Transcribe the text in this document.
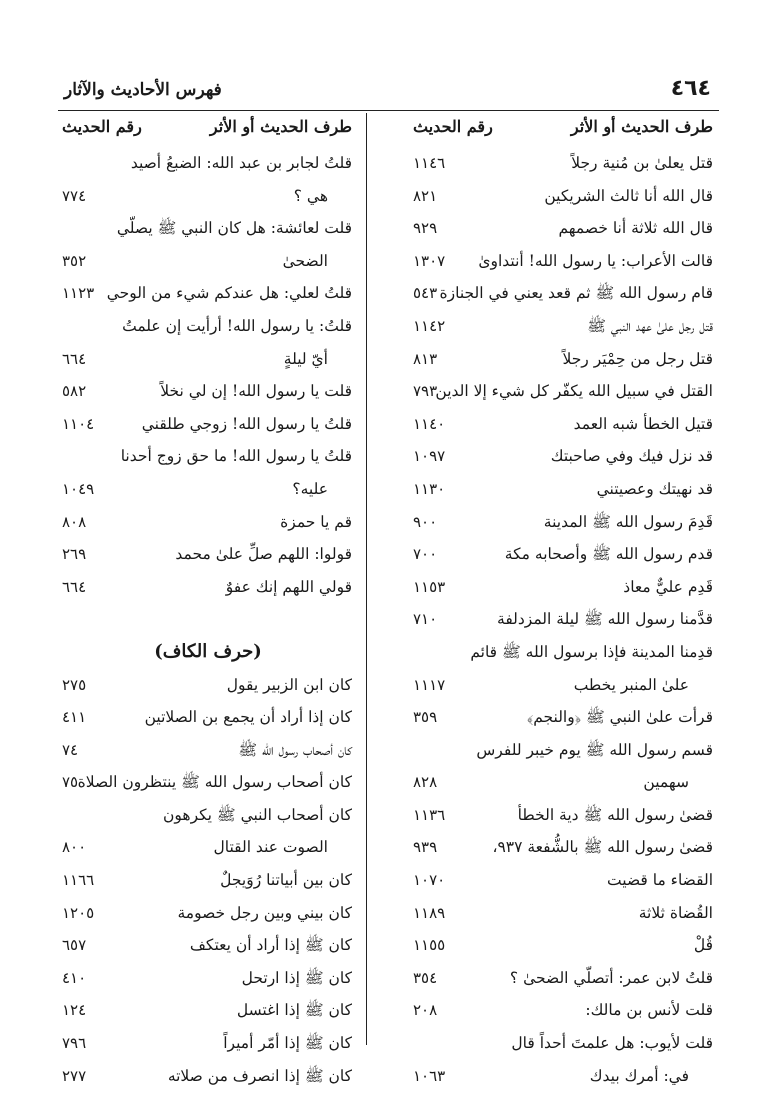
٤٦٤
فهرس الأحاديث والآثار
طرف الحديث أو الأثر
رقم الحديث
طرف الحديث أو الأثر
رقم الحديث
قتل يعلىٰ بن مُنية رجلاً
١١٤٦
قال الله أنا ثالث الشريكين
٨٢١
قال الله ثلاثة أنا خصمهم
٩٢٩
قالت الأعراب: يا رسول الله! أنتداوىٰ
١٣٠٧
قام رسول الله ﷺ ثم قعد يعني في الجنازة
٥٤٣
قتل رجل علىٰ عهد النبي ﷺ
١١٤٢
قتل رجل من حِمْيَر رجلاً
٨١٣
القتل في سبيل الله يكفّر كل شيء إلا الدين
٧٩٣
قتيل الخطأ شبه العمد
١١٤٠
قد نزل فيك وفي صاحبتك
١٠٩٧
قد نهيتك وعصيتني
١١٣٠
قَدِمَ رسول الله ﷺ المدينة
٩٠٠
قدم رسول الله ﷺ وأصحابه مكة
٧٠٠
قَدِم عليٌّ معاذ
١١٥٣
قدَّمنا رسول الله ﷺ ليلة المزدلفة
٧١٠
قدِمنا المدينة فإذا برسول الله ﷺ قائم
علىٰ المنبر يخطب
١١١٧
قرأت علىٰ النبي ﷺ ﴿والنجم﴾
٣٥٩
قسم رسول الله ﷺ يوم خيبر للفرس
سهمين
٨٢٨
قضىٰ رسول الله ﷺ دية الخطأ
١١٣٦
قضىٰ رسول الله ﷺ بالشُّفعة ٩٣٧،
٩٣٩
القضاء ما قضيت
١٠٧٠
القُضاة ثلاثة
١١٨٩
قُلْ
١١٥٥
قلتُ لابن عمر: أتصلّي الضحىٰ ؟
٣٥٤
قلت لأنس بن مالك:
٢٠٨
قلت لأيوب: هل علمتَ أحداً قال
في: أمرك بيدك
١٠٦٣
قلتُ لجابر بن عبد الله: الضبعُ أصيد
هي ؟
٧٧٤
قلت لعائشة: هل كان النبي ﷺ يصلّي
الضحىٰ
٣٥٢
قلتُ لعلي: هل عندكم شيء من الوحي
١١٢٣
قلتُ: يا رسول الله! أرأيت إن علمتُ
أيّ ليلةٍ
٦٦٤
قلت يا رسول الله! إن لي نخلاً
٥٨٢
قلتُ يا رسول الله! زوجي طلقني
١١٠٤
قلتُ يا رسول الله! ما حق زوج أحدنا
عليه؟
١٠٤٩
قم يا حمزة
٨٠٨
قولوا: اللهم صلِّ علىٰ محمد
٢٦٩
قولي اللهم إنك عفوٌ
٦٦٤
(حرف الكاف)
كان ابن الزبير يقول
٢٧٥
كان إذا أراد أن يجمع بن الصلاتين
٤١١
كان أصحاب رسول الله ﷺ
٧٤
كان أصحاب رسول الله ﷺ ينتظرون الصلاة
٧٥
كان أصحاب النبي ﷺ يكرهون
الصوت عند القتال
٨٠٠
كان بين أبياتنا رُوَيجلٌ
١١٦٦
كان بيني وبين رجل خصومة
١٢٠٥
كان ﷺ إذا أراد أن يعتكف
٦٥٧
كان ﷺ إذا ارتحل
٤١٠
كان ﷺ إذا اغتسل
١٢٤
كان ﷺ إذا أمّر أميراً
٧٩٦
كان ﷺ إذا انصرف من صلاته
٢٧٧
